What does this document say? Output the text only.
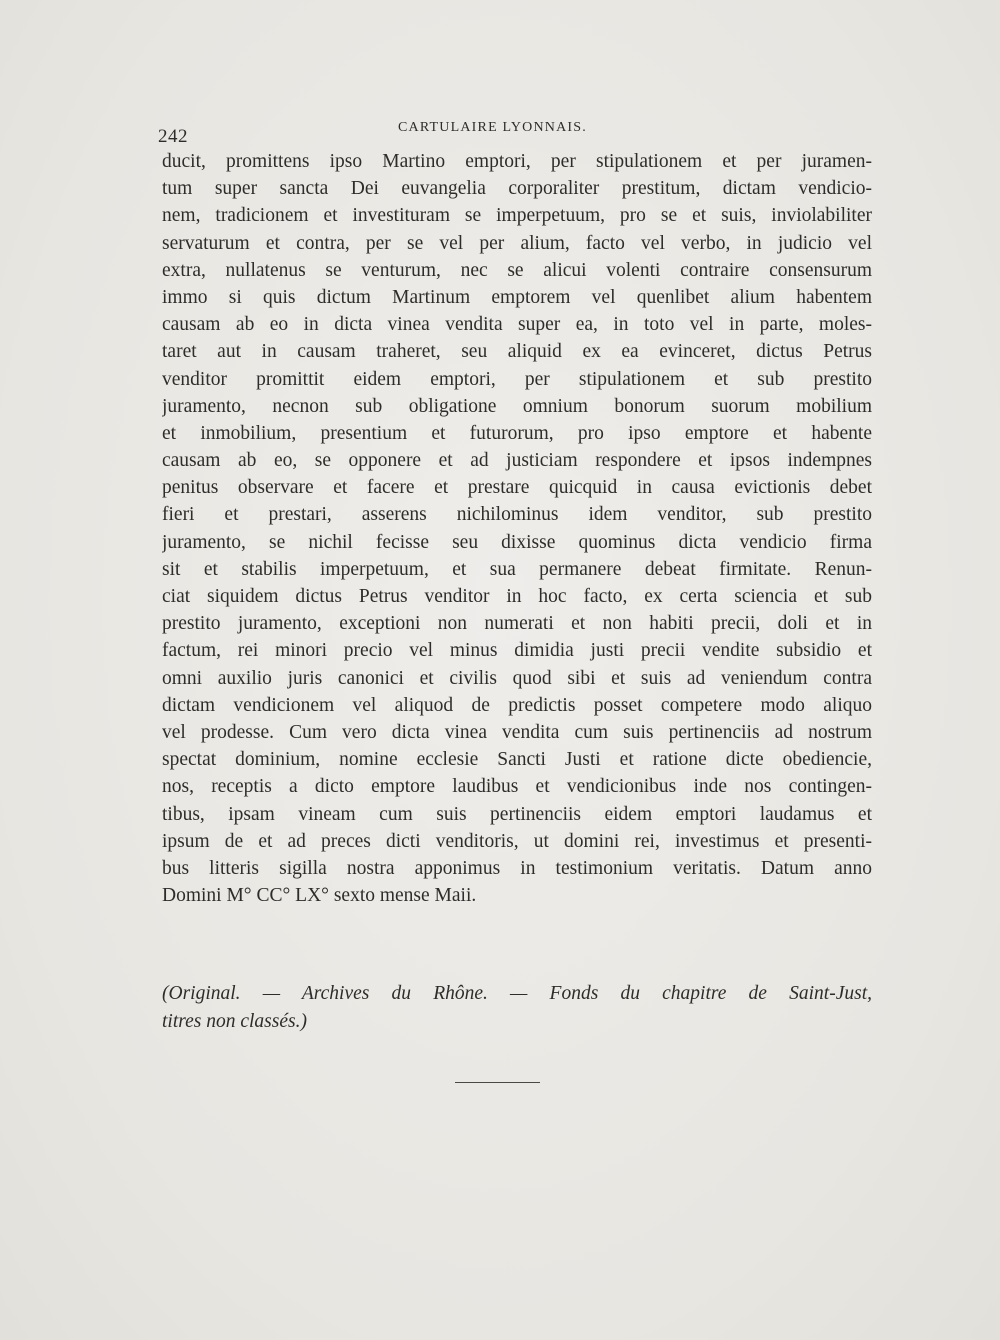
242	CARTULAIRE LYONNAIS.
ducit, promittens ipso Martino emptori, per stipulationem et per juramen-
tum super sancta Dei euvangelia corporaliter prestitum, dictam vendicio-
nem, tradicionem et investituram se imperpetuum, pro se et suis, inviolabiliter
servaturum et contra, per se vel per alium, facto vel verbo, in judicio vel
extra, nullatenus se venturum, nec se alicui volenti contraire consensurum
immo si quis dictum Martinum emptorem vel quenlibet alium habentem
causam ab eo in dicta vinea vendita super ea, in toto vel in parte, moles-
taret aut in causam traheret, seu aliquid ex ea evinceret, dictus Petrus
venditor promittit eidem emptori, per stipulationem et sub prestito
juramento, necnon sub obligatione omnium bonorum suorum mobilium
et inmobilium, presentium et futurorum, pro ipso emptore et habente
causam ab eo, se opponere et ad justiciam respondere et ipsos indempnes
penitus observare et facere et prestare quicquid in causa evictionis debet
fieri et prestari, asserens nichilominus idem venditor, sub prestito
juramento, se nichil fecisse seu dixisse quominus dicta vendicio firma
sit et stabilis imperpetuum, et sua permanere debeat firmitate. Renun-
ciat siquidem dictus Petrus venditor in hoc facto, ex certa sciencia et sub
prestito juramento, exceptioni non numerati et non habiti precii, doli et in
factum, rei minori precio vel minus dimidia justi precii vendite subsidio et
omni auxilio juris canonici et civilis quod sibi et suis ad veniendum contra
dictam vendicionem vel aliquod de predictis posset competere modo aliquo
vel prodesse. Cum vero dicta vinea vendita cum suis pertinenciis ad nostrum
spectat dominium, nomine ecclesie Sancti Justi et ratione dicte obediencie,
nos, receptis a dicto emptore laudibus et vendicionibus inde nos contingen-
tibus, ipsam vineam cum suis pertinenciis eidem emptori laudamus et
ipsum de et ad preces dicti venditoris, ut domini rei, investimus et presenti-
bus litteris sigilla nostra apponimus in testimonium veritatis. Datum anno
Domini M° CC° LX° sexto mense Maii.
(Original. — Archives du Rhône. — Fonds du chapitre de Saint-Just,
titres non classés.)
